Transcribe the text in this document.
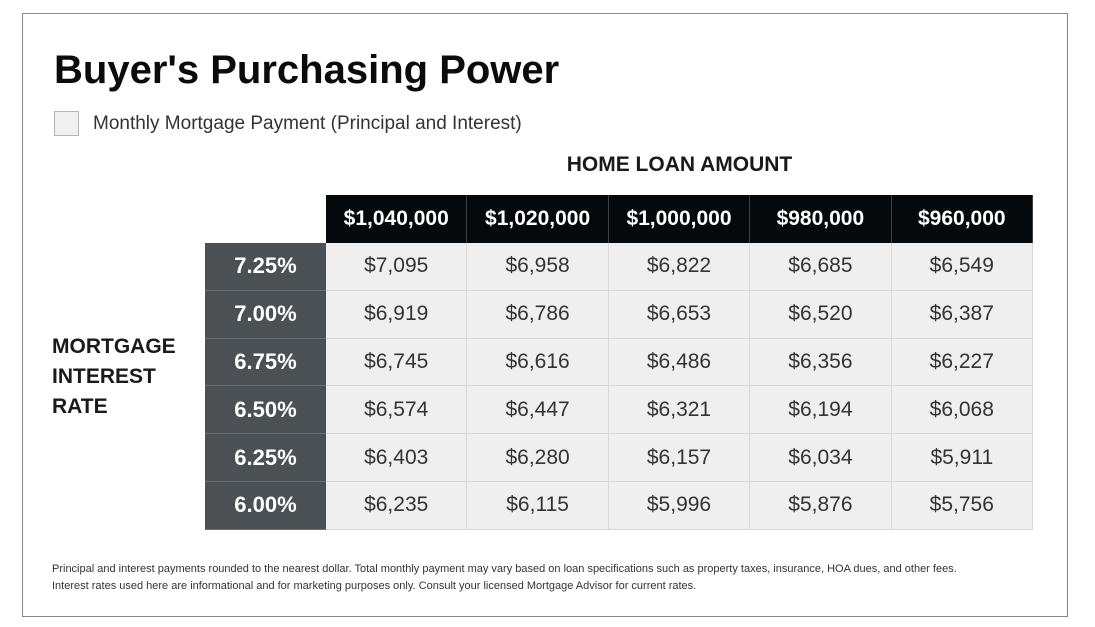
Buyer's Purchasing Power
Monthly Mortgage Payment (Principal and Interest)
HOME LOAN AMOUNT
MORTGAGE
INTEREST
RATE
$1,040,000	$1,020,000	$1,000,000	$980,000	$960,000
7.25%	$7,095	$6,958	$6,822	$6,685	$6,549
7.00%	$6,919	$6,786	$6,653	$6,520	$6,387
6.75%	$6,745	$6,616	$6,486	$6,356	$6,227
6.50%	$6,574	$6,447	$6,321	$6,194	$6,068
6.25%	$6,403	$6,280	$6,157	$6,034	$5,911
6.00%	$6,235	$6,115	$5,996	$5,876	$5,756
Principal and interest payments rounded to the nearest dollar. Total monthly payment may vary based on loan specifications such as property taxes, insurance, HOA dues, and other fees.
Interest rates used here are informational and for marketing purposes only. Consult your licensed Mortgage Advisor for current rates.
